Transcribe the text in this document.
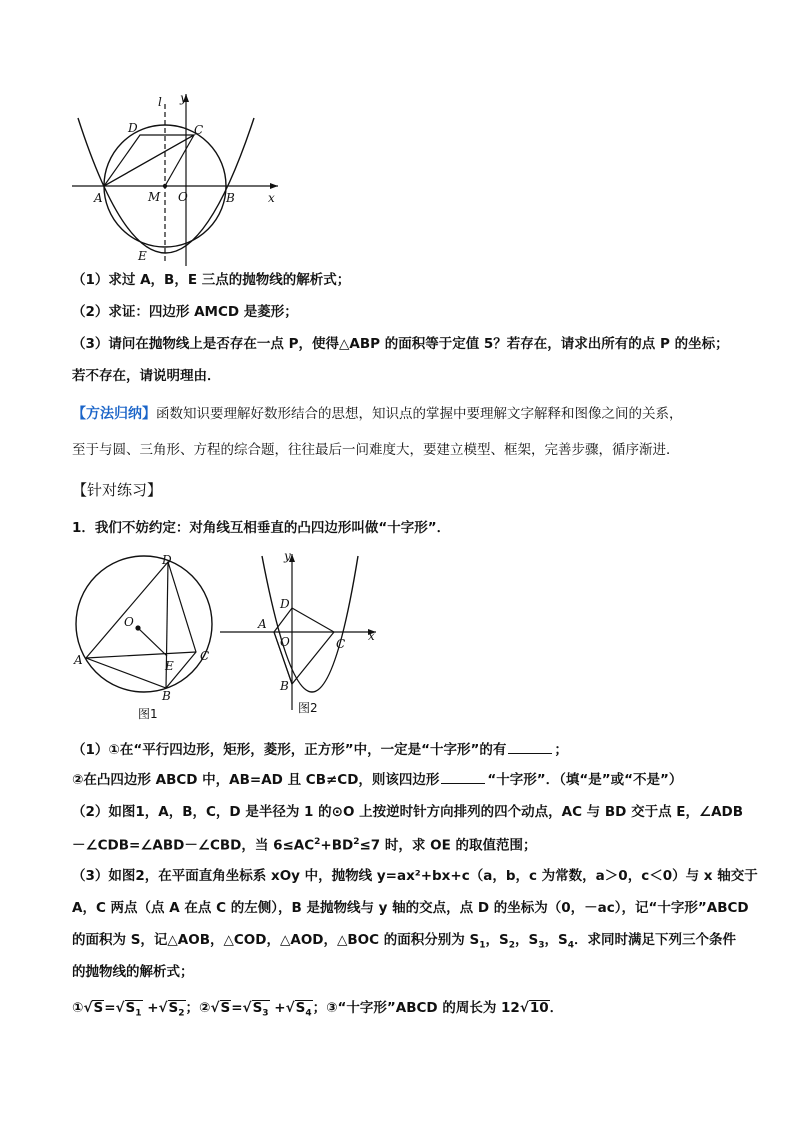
l y
x
A	B
C
D
E
M O
（1）求过 A，B，E 三点的抛物线的解析式；
（2）求证：四边形 AMCD 是菱形；
（3）请问在抛物线上是否存在一点 P，使得△ABP 的面积等于定值 5？若存在，请求出所有的点 P 的坐标；
若不存在，请说明理由．
【方法归纳】函数知识要理解好数形结合的思想，知识点的掌握中要理解文字解释和图像之间的关系，
至于与圆、三角形、方程的综合题，往往最后一问难度大，要建立模型、框架，完善步骤，循序渐进．
【针对练习】
1．我们不妨约定：对角线互相垂直的凸四边形叫做“十字形”．
A
B
C
D
E
O
图1
y
x
A
B
C
D
O
图2
（1）①在“平行四边形，矩形，菱形，正方形”中，一定是“十字形”的有	；
②在凸四边形 ABCD 中，AB=AD 且 CB≠CD，则该四边形	“十字形”．（填“是”或“不是”）
（2）如图1，A，B，C，D 是半径为 1 的⊙O 上按逆时针方向排列的四个动点，AC 与 BD 交于点 E，∠ADB
－∠CDB=∠ABD－∠CBD，当 $6\le AC^2+BD^2\le 7$ 时，求 OE 的取值范围；
（3）如图2，在平面直角坐标系 xOy 中，抛物线 y=ax²+bx+c（a，b，c 为常数，a＞0，c＜0）与 x 轴交于
A，C 两点（点 A 在点 C 的左侧），B 是抛物线与 y 轴的交点，点 D 的坐标为（0，－ac），记“十字形”ABCD
的面积为 S，记△AOB，△COD，△AOD，△BOC 的面积分别为 $S_1$，$S_2$，$S_3$，$S_4$．求同时满足下列三个条件
的抛物线的解析式；
$①√S=√S_1 +√S_2$；$②√S=√S_3 +√S_4$；③“十字形”ABCD 的周长为 12√10．
